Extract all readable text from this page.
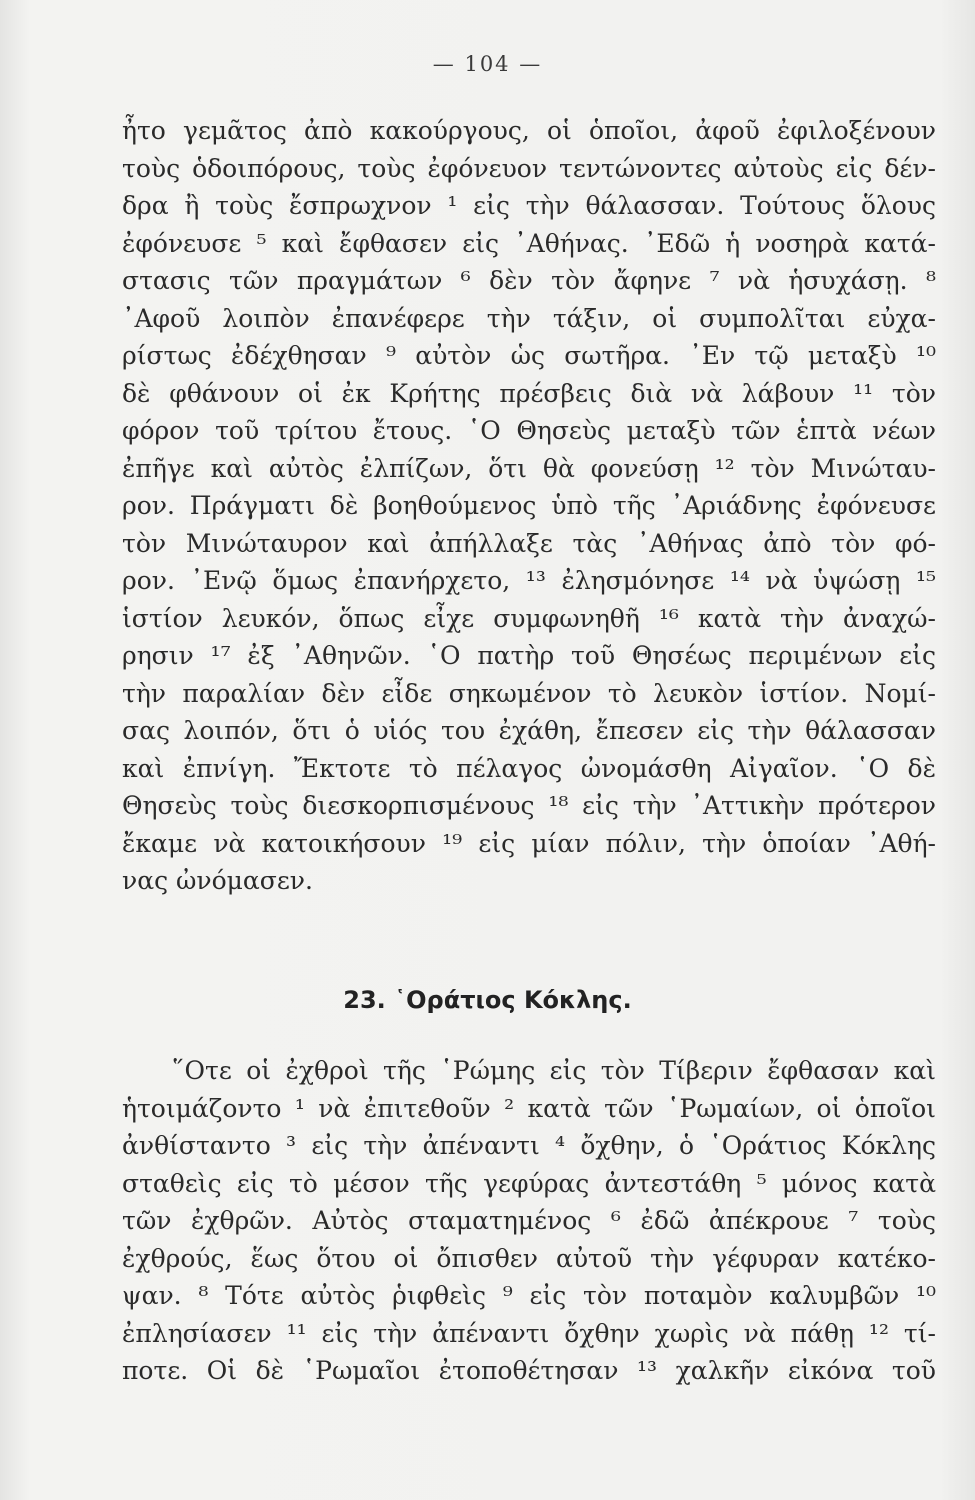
— 104 —
ἦτο γεμᾶτος ἀπὸ κακούργους, οἱ ὁποῖοι, ἀφοῦ ἐφιλοξένουν
τοὺς ὁδοιπόρους, τοὺς ἐφόνευον τεντώνοντες αὐτοὺς εἰς δέν-
δρα ἢ τοὺς ἔσπρωχνον ¹ εἰς τὴν θάλασσαν. Τούτους ὅλους
ἐφόνευσε ⁵ καὶ ἔφθασεν εἰς ᾿Αθήνας. ᾿Εδῶ ἡ νοσηρὰ κατά-
στασις τῶν πραγμάτων ⁶ δὲν τὸν ἄφηνε ⁷ νὰ ἡσυχάσῃ. ⁸
᾿Αφοῦ λοιπὸν ἐπανέφερε τὴν τάξιν, οἱ συμπολῖται εὐχα-
ρίστως ἐδέχθησαν ⁹ αὐτὸν ὡς σωτῆρα. ᾿Εν τῷ μεταξὺ ¹⁰
δὲ φθάνουν οἱ ἐκ Κρήτης πρέσβεις διὰ νὰ λάβουν ¹¹ τὸν
φόρον τοῦ τρίτου ἔτους. ῾Ο Θησεὺς μεταξὺ τῶν ἑπτὰ νέων
ἐπῆγε καὶ αὐτὸς ἐλπίζων, ὅτι θὰ φονεύσῃ ¹² τὸν Μινώταυ-
ρον. Πράγματι δὲ βοηθούμενος ὑπὸ τῆς ᾿Αριάδνης ἐφόνευσε
τὸν Μινώταυρον καὶ ἀπήλλαξε τὰς ᾿Αθήνας ἀπὸ τὸν φό-
ρον. ᾿Ενῷ ὅμως ἐπανήρχετο, ¹³ ἐλησμόνησε ¹⁴ νὰ ὑψώσῃ ¹⁵
ἱστίον λευκόν, ὅπως εἶχε συμφωνηθῆ ¹⁶ κατὰ τὴν ἀναχώ-
ρησιν ¹⁷ ἐξ ᾿Αθηνῶν. ῾Ο πατὴρ τοῦ Θησέως περιμένων εἰς
τὴν παραλίαν δὲν εἶδε σηκωμένον τὸ λευκὸν ἱστίον. Νομί-
σας λοιπόν, ὅτι ὁ υἱός του ἐχάθη, ἔπεσεν εἰς τὴν θάλασσαν
καὶ ἐπνίγη. Ἔκτοτε τὸ πέλαγος ὠνομάσθη Αἰγαῖον. ῾Ο δὲ
Θησεὺς τοὺς διεσκορπισμένους ¹⁸ εἰς τὴν ᾿Αττικὴν πρότερον
ἔκαμε νὰ κατοικήσουν ¹⁹ εἰς μίαν πόλιν, τὴν ὁποίαν ᾿Αθή-
νας ὠνόμασεν.
23. ῾Οράτιος Κόκλης.
῞Οτε οἱ ἐχθροὶ τῆς ῾Ρώμης εἰς τὸν Τίβεριν ἔφθασαν καὶ
ἡτοιμάζοντο ¹ νὰ ἐπιτεθοῦν ² κατὰ τῶν ῾Ρωμαίων, οἱ ὁποῖοι
ἀνθίσταντο ³ εἰς τὴν ἀπέναντι ⁴ ὄχθην, ὁ ῾Οράτιος Κόκλης
σταθεὶς εἰς τὸ μέσον τῆς γεφύρας ἀντεστάθη ⁵ μόνος κατὰ
τῶν ἐχθρῶν. Αὐτὸς σταματημένος ⁶ ἐδῶ ἀπέκρουε ⁷ τοὺς
ἐχθρούς, ἕως ὅτου οἱ ὄπισθεν αὐτοῦ τὴν γέφυραν κατέκο-
ψαν. ⁸ Τότε αὐτὸς ῥιφθεὶς ⁹ εἰς τὸν ποταμὸν καλυμβῶν ¹⁰
ἐπλησίασεν ¹¹ εἰς τὴν ἀπέναντι ὄχθην χωρὶς νὰ πάθῃ ¹² τί-
ποτε. Οἱ δὲ ῾Ρωμαῖοι ἐτοποθέτησαν ¹³ χαλκῆν εἰκόνα τοῦ
